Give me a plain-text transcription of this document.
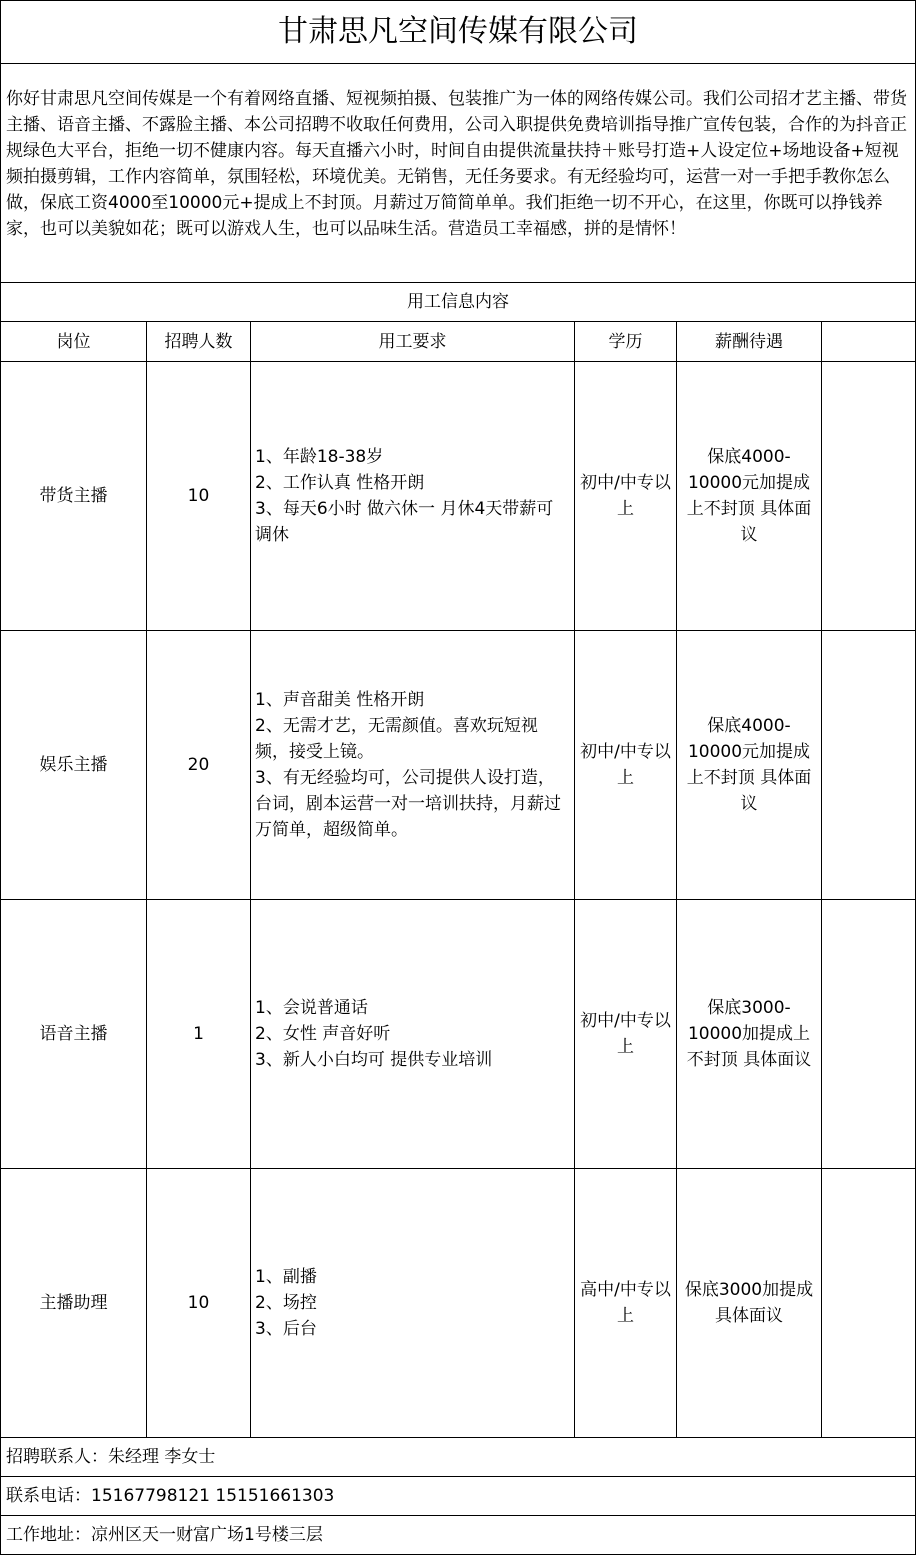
甘肃思凡空间传媒有限公司					
你好甘肃思凡空间传媒是一个有着网络直播、短视频拍摄、包装推广为一体的网络传媒公司。我们公司招才艺主播、带货主播、语音主播、不露脸主播、本公司招聘不收取任何费用，公司入职提供免费培训指导推广宣传包装，合作的为抖音正规绿色大平台，拒绝一切不健康内容。每天直播六小时，时间自由提供流量扶持＋账号打造+人设定位+场地设备+短视频拍摄剪辑，工作内容简单，氛围轻松，环境优美。无销售，无任务要求。有无经验均可，运营一对一手把手教你怎么做，保底工资4000至10000元+提成上不封顶。月薪过万简简单单。我们拒绝一切不开心，在这里，你既可以挣钱养家，也可以美貌如花；既可以游戏人生，也可以品味生活。营造员工幸福感，拼的是情怀！					
用工信息内容					
岗位	招聘人数	用工要求	学历	薪酬待遇	
带货主播	10	1、年龄18-38岁
2、工作认真 性格开朗
3、每天6小时 做六休一 月休4天带薪可调休	初中/中专以上	保底4000-10000元加提成上不封顶 具体面议	
娱乐主播	20	1、声音甜美 性格开朗
2、无需才艺，无需颜值。喜欢玩短视频，接受上镜。
3、有无经验均可，公司提供人设打造，台词，剧本运营一对一培训扶持，月薪过万简单，超级简单。	初中/中专以上	保底4000-10000元加提成上不封顶 具体面议	
语音主播	1	1、会说普通话
2、女性 声音好听
3、新人小白均可 提供专业培训	初中/中专以上	保底3000-10000加提成上不封顶 具体面议	
主播助理	10	1、副播
2、场控
3、后台	高中/中专以上	保底3000加提成 具体面议	
招聘联系人：朱经理 李女士					
联系电话：15167798121 15151661303					
工作地址：凉州区天一财富广场1号楼三层					
